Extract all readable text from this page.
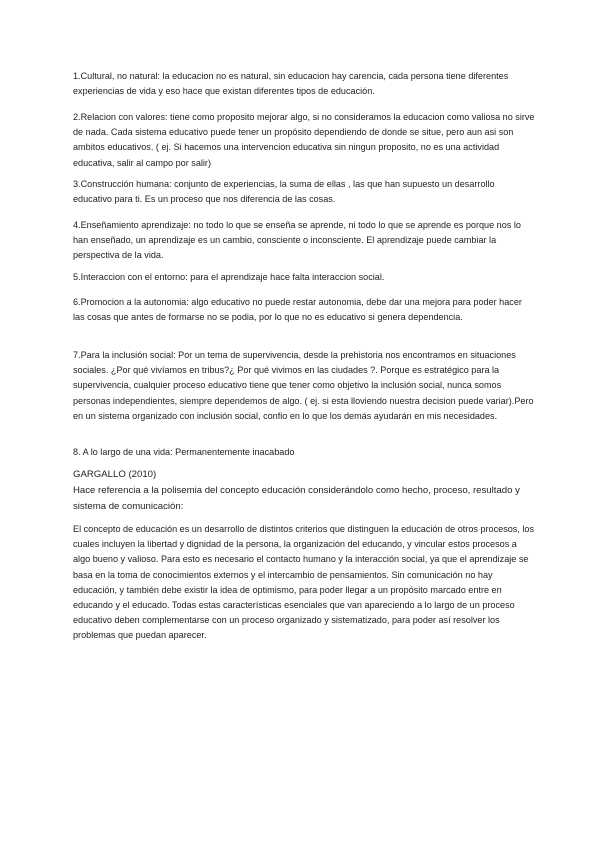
1.Cultural, no natural: la educacion no es natural, sin educacion hay carencia, cada persona tiene diferentes experiencias de vida y eso hace que existan diferentes tipos de educación.

2.Relacion con valores: tiene como proposito mejorar algo, si no consideramos la educacion como valiosa no sirve de nada. Cada sistema educativo puede tener un propósito dependiendo de donde se situe, pero aun asi son ambitos educativos. ( ej. Si hacemos una intervencion educativa sin ningun proposito, no es una actividad educativa, salir al campo por salir)

3.Construcción humana: conjunto de experiencias, la suma de ellas , las que han supuesto un desarrollo educativo para ti. Es un proceso que nos diferencia de las cosas.

4.Enseñamiento aprendizaje: no todo lo que se enseña se aprende, ni todo lo que se aprende es porque nos lo han enseñado, un aprendizaje es un cambio, consciente o inconsciente. El aprendizaje puede cambiar la perspectiva de la vida.

5.Interaccion con el entorno: para el aprendizaje hace falta interaccion social.

6.Promocion a la autonomia: algo educativo no puede restar autonomia, debe dar una mejora para poder hacer las cosas que antes de formarse no se podia, por lo que no es educativo si genera dependencia.

7.Para la inclusión social: Por un tema de supervivencia, desde la prehistoria nos encontramos en situaciones sociales. ¿Por qué vivíamos en tribus?¿ Por qué vivimos en las ciudades ?. Porque es estratégico para la supervivencia, cualquier proceso educativo tiene que tener como objetivo la inclusión social, nunca somos personas independientes, siempre dependemos de algo. ( ej. si esta lloviendo nuestra decision puede variar).Pero en un sistema organizado con inclusión social, confio en lo que los demás ayudarán en mis necesidades.

8. A lo largo de una vida: Permanentemente inacabado

GARGALLO (2010)

Hace referencia a la polisemia del concepto educación considerándolo como hecho, proceso, resultado y sistema de comunicación:

El concepto de educación es un desarrollo de distintos criterios que distinguen la educación de otros procesos, los cuales incluyen la libertad y dignidad de la persona, la organización del educando, y vincular estos procesos a algo bueno y valioso. Para esto es necesario el contacto humano y la interacción social, ya que el aprendizaje se basa en la toma de conocimientos externos y el intercambio de pensamientos. Sin comunicación no hay educación, y también debe existir la idea de optimismo, para poder llegar a un propósito marcado entre en educando y el educado. Todas estas características esenciales que van apareciendo a lo largo de un proceso educativo deben complementarse con un proceso organizado y sistematizado, para poder así resolver los problemas que puedan aparecer.
